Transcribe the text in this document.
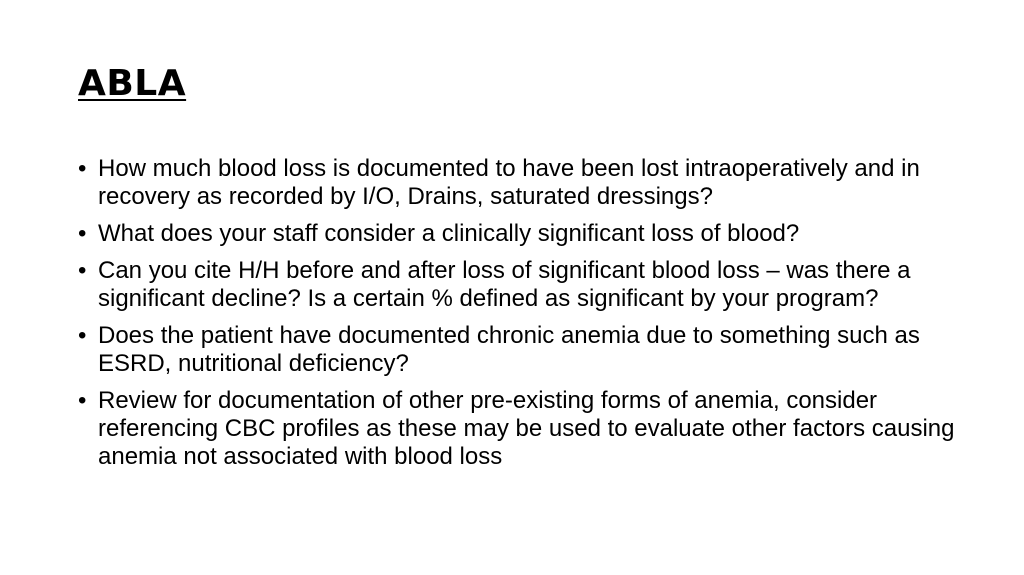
ABLA
• How much blood loss is documented to have been lost intraoperatively and in recovery as recorded by I/O, Drains, saturated dressings?
• What does your staff consider a clinically significant loss of blood?
• Can you cite H/H before and after loss of significant blood loss – was there a significant decline? Is a certain % defined as significant by your program?
• Does the patient have documented chronic anemia due to something such as ESRD, nutritional deficiency?
• Review for documentation of other pre-existing forms of anemia, consider referencing CBC profiles as these may be used to evaluate other factors causing anemia not associated with blood loss
